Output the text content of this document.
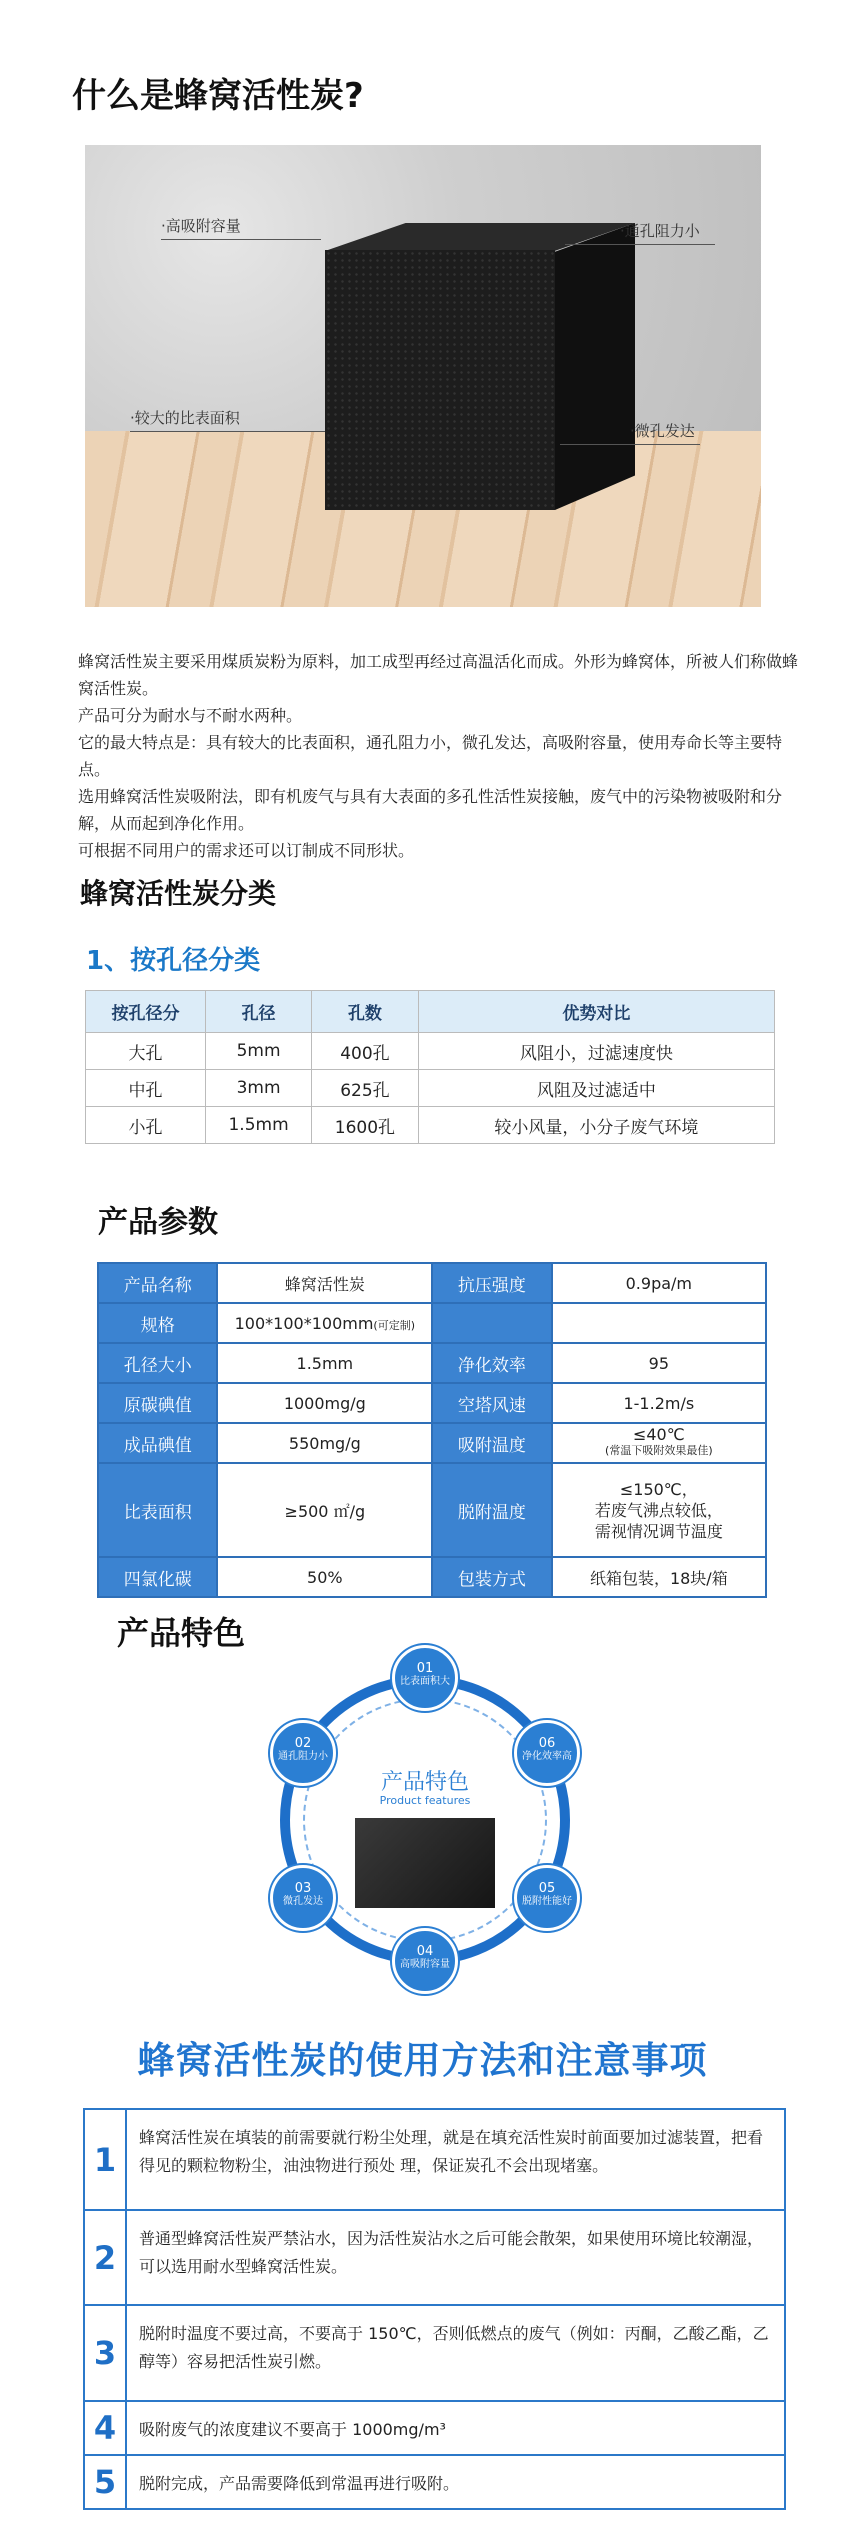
什么是蜂窝活性炭?
·高吸附容量	·通孔阻力小
·较大的比表面积
·微孔发达

蜂窝活性炭主要采用煤质炭粉为原料，加工成型再经过高温活化而成。外形为蜂窝体，所被人们称做蜂窝活性炭。

产品可分为耐水与不耐水两种。

它的最大特点是：具有较大的比表面积，通孔阻力小，微孔发达，高吸附容量，使用寿命长等主要特点。

选用蜂窝活性炭吸附法，即有机废气与具有大表面的多孔性活性炭接触，废气中的污染物被吸附和分解，从而起到净化作用。

可根据不同用户的需求还可以订制成不同形状。

蜂窝活性炭分类
1、按孔径分类
按孔径分	孔径	孔数	优势对比
大孔	5mm	400孔	风阻小，过滤速度快
中孔	3mm	625孔	风阻及过滤适中
小孔	1.5mm	1600孔	较小风量，小分子废气环境
产品参数
产品名称	蜂窝活性炭	抗压强度	0.9pa/m
规格	100*100*100mm(可定制)		
孔径大小	1.5mm	净化效率	95
原碳碘值	1000mg/g	空塔风速	1-1.2m/s
成品碘值	550mg/g	吸附温度	≤40℃
(常温下吸附效果最佳)

比表面积	≥500 ㎡/g	脱附温度	≤150℃，
若废气沸点较低，
需视情况调节温度

四氯化碳	50%	包装方式	纸箱包装，18块/箱
产品特色
产品特色
Product features
01
比表面积大
02
通孔阻力小
03
微孔发达
04
高吸附容量
05
脱附性能好
06
净化效率高
蜂窝活性炭的使用方法和注意事项
1
蜂窝活性炭在填装的前需要就行粉尘处理，就是在填充活性炭时前面要加过滤装置，把看得见的颗粒物粉尘，油浊物进行预处 理，保证炭孔不会出现堵塞。
2	普通型蜂窝活性炭严禁沾水，因为活性炭沾水之后可能会散架，如果使用环境比较潮湿，可以选用耐水型蜂窝活性炭。
3
脱附时温度不要过高，不要高于 150℃，否则低燃点的废气（例如：丙酮，乙酸乙酯，乙醇等）容易把活性炭引燃。
4	吸附废气的浓度建议不要高于 1000mg/m³
5	脱附完成，产品需要降低到常温再进行吸附。
